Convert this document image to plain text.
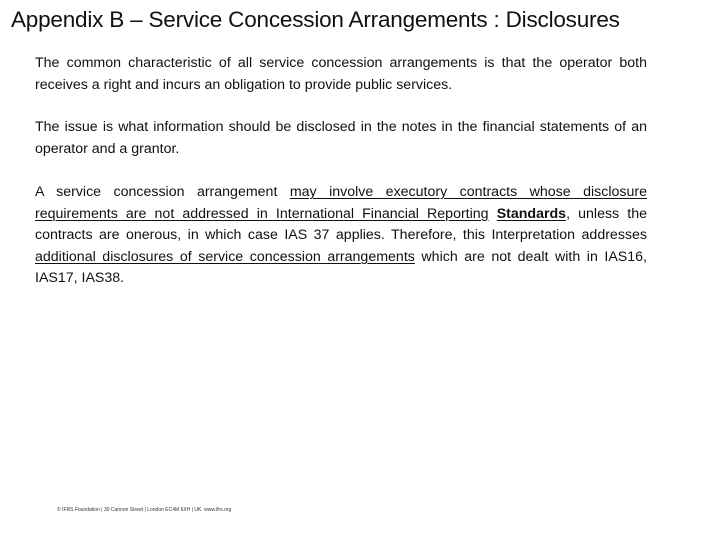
Appendix B – Service Concession Arrangements : Disclosures
The common characteristic of all service concession arrangements is that the operator both receives a right and incurs an obligation to provide public services.
The issue is what information should be disclosed in the notes in the financial statements of an operator and a grantor.
A service concession arrangement may involve executory contracts whose disclosure requirements are not addressed in International Financial Reporting Standards, unless the contracts are onerous, in which case IAS 37 applies. Therefore, this Interpretation addresses additional disclosures of service concession arrangements which are not dealt with in IAS16, IAS17, IAS38.
© IFRS Foundation | 30 Cannon Street | London EC4M 6XH | UK. www.ifrs.org
